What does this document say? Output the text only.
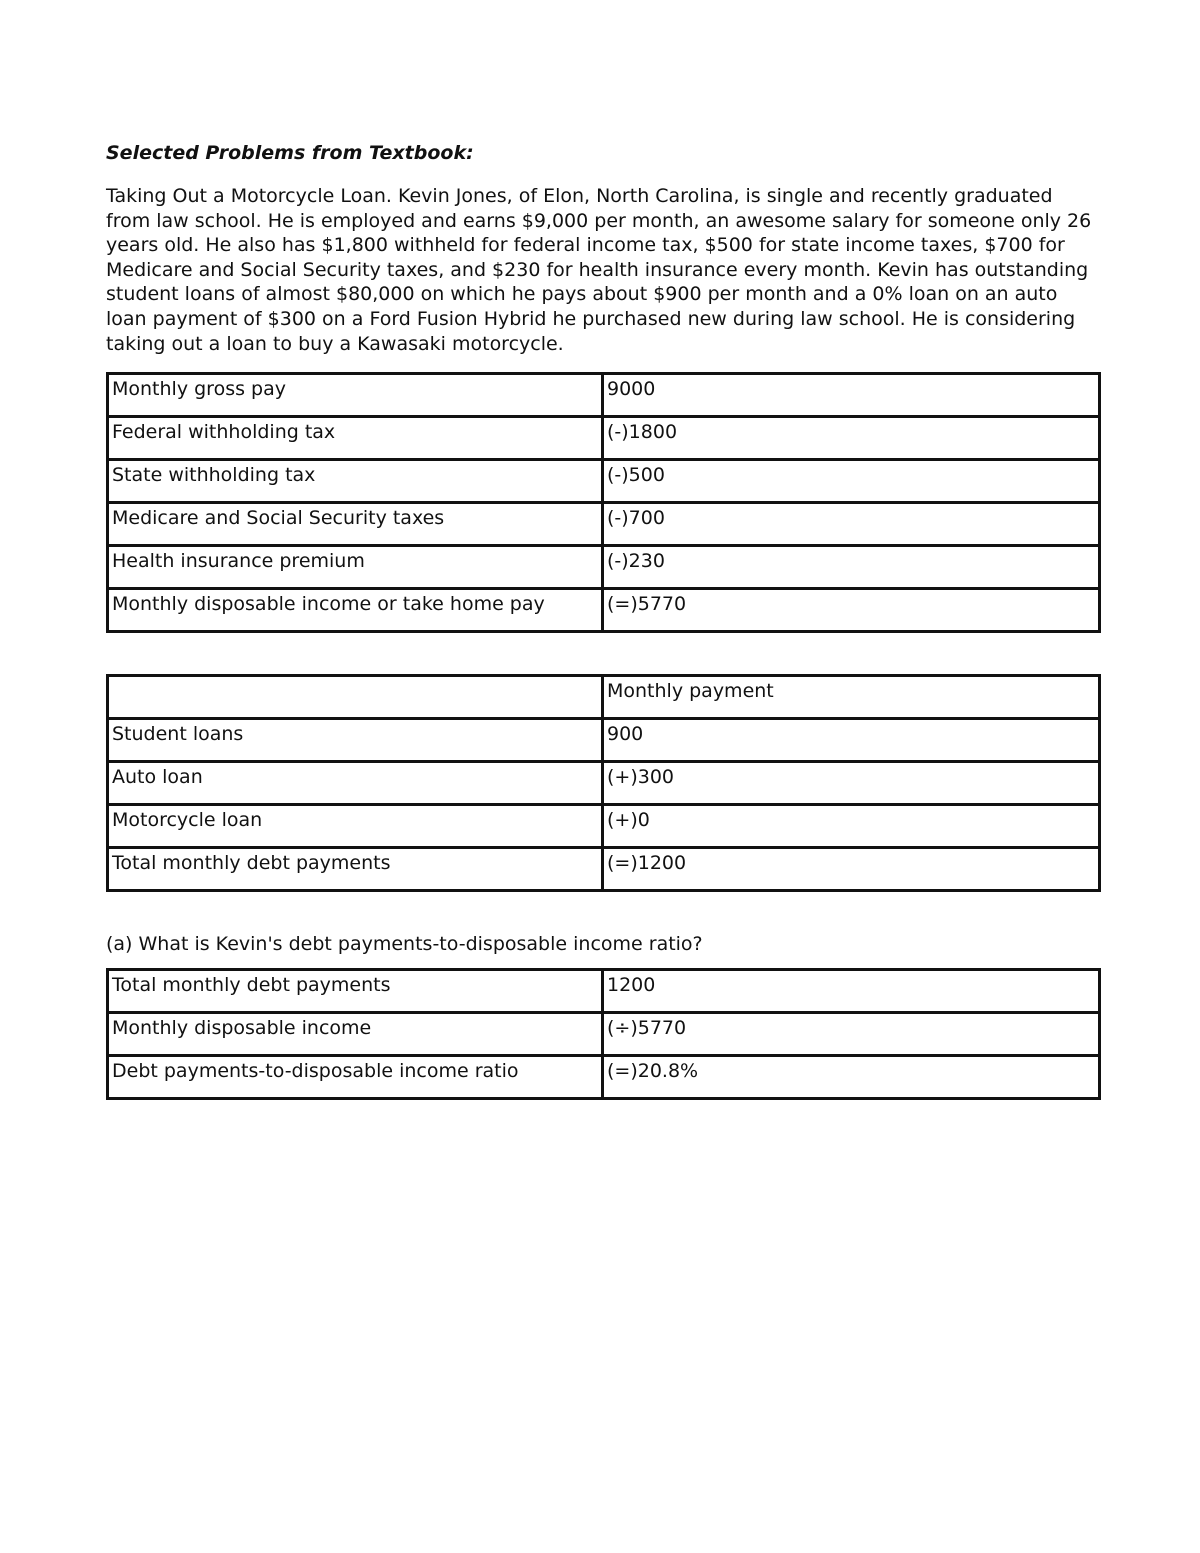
Selected Problems from Textbook:

Taking Out a Motorcycle Loan. Kevin Jones, of Elon, North Carolina, is single and recently graduated from law school. He is employed and earns $9,000 per month, an awesome salary for someone only 26 years old. He also has $1,800 withheld for federal income tax, $500 for state income taxes, $700 for Medicare and Social Security taxes, and $230 for health insurance every month. Kevin has outstanding student loans of almost $80,000 on which he pays about $900 per month and a 0% loan on an auto loan payment of $300 on a Ford Fusion Hybrid he purchased new during law school. He is considering taking out a loan to buy a Kawasaki motorcycle.

Monthly gross pay	9000
Federal withholding tax	(-)1800
State withholding tax	(-)500
Medicare and Social Security taxes	(-)700
Health insurance premium	(-)230
Monthly disposable income or take home pay	(=)5770
	Monthly payment
Student loans	900
Auto loan	(+)300
Motorcycle loan	(+)0
Total monthly debt payments	(=)1200

(a) What is Kevin's debt payments-to-disposable income ratio?

Total monthly debt payments	1200
Monthly disposable income	(÷)5770
Debt payments-to-disposable income ratio	(=)20.8%
